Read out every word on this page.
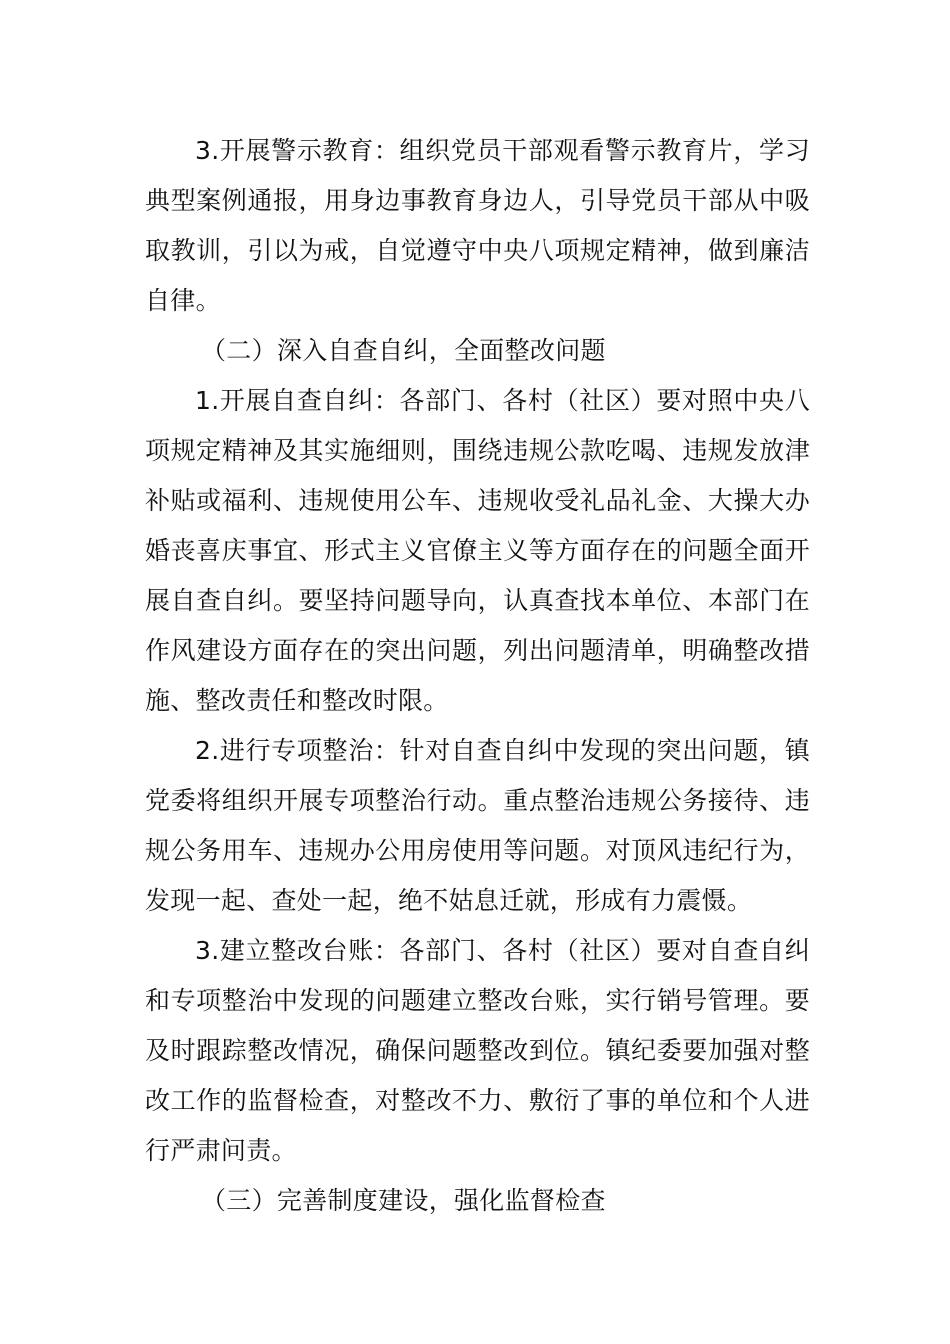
3.开展警示教育：组织党员干部观看警示教育片，学习典型案例通报，用身边事教育身边人，引导党员干部从中吸取教训，引以为戒，自觉遵守中央八项规定精神，做到廉洁自律。

（二）深入自查自纠，全面整改问题

1.开展自查自纠：各部门、各村（社区）要对照中央八项规定精神及其实施细则，围绕违规公款吃喝、违规发放津补贴或福利、违规使用公车、违规收受礼品礼金、大操大办婚丧喜庆事宜、形式主义官僚主义等方面存在的问题全面开展自查自纠。要坚持问题导向，认真查找本单位、本部门在作风建设方面存在的突出问题，列出问题清单，明确整改措施、整改责任和整改时限。

2.进行专项整治：针对自查自纠中发现的突出问题，镇党委将组织开展专项整治行动。重点整治违规公务接待、违规公务用车、违规办公用房使用等问题。对顶风违纪行为，发现一起、查处一起，绝不姑息迁就，形成有力震慑。

3.建立整改台账：各部门、各村（社区）要对自查自纠和专项整治中发现的问题建立整改台账，实行销号管理。要及时跟踪整改情况，确保问题整改到位。镇纪委要加强对整改工作的监督检查，对整改不力、敷衍了事的单位和个人进行严肃问责。

（三）完善制度建设，强化监督检查
